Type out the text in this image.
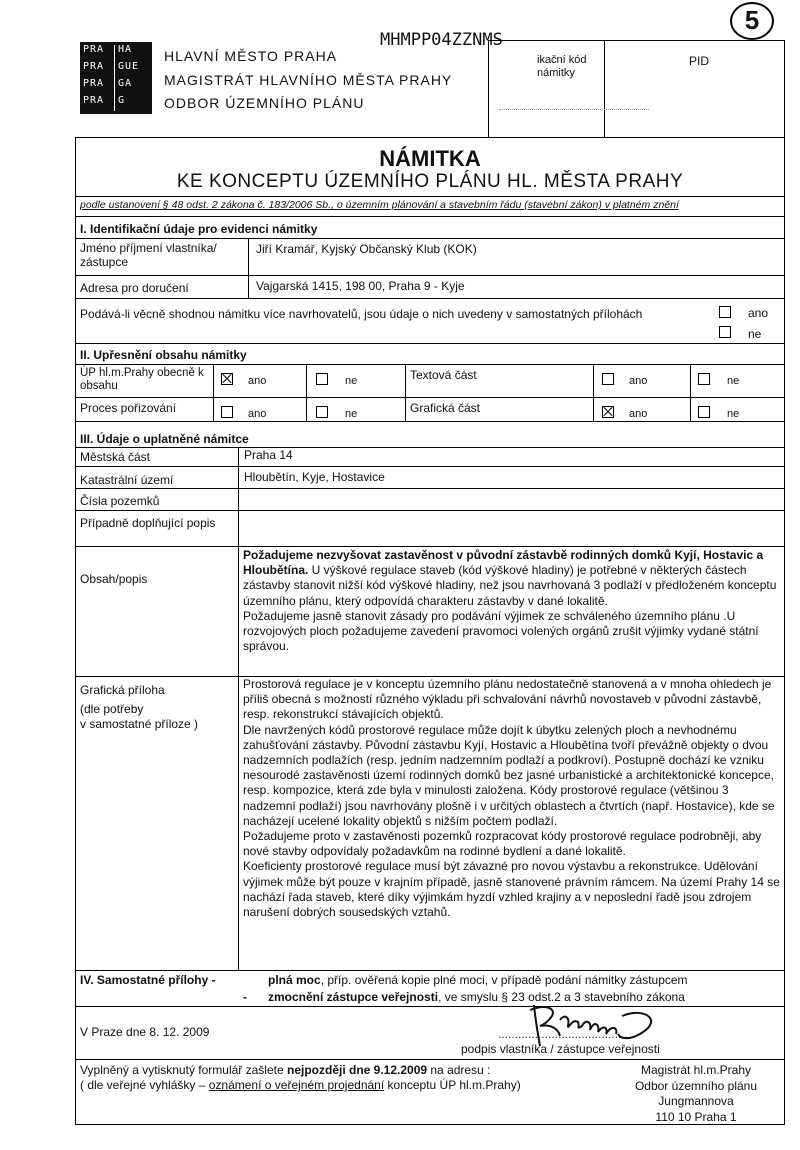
5
MHMPP04ZZNMS
PRA HA
PRA GUE
PRA GA
PRA G
HLAVNÍ MĚSTO PRAHA
MAGISTRÁT HLAVNÍHO MĚSTA PRAHY
ODBOR ÚZEMNÍHO PLÁNU
ikační kód
námitky
PID
NÁMITKA
KE KONCEPTU ÚZEMNÍHO PLÁNU HL. MĚSTA PRAHY
podle ustanovení § 48 odst. 2 zákona č. 183/2006 Sb., o územním plánování a stavebním řádu (stavební zákon) v platném znění
I. Identifikační údaje pro evidenci námitky
Jméno příjmení vlastníka/ zástupce
Jiří Kramář, Kyjský Občanský Klub (KOK)
Adresa pro doručení	Vajgarská 1415, 198 00, Praha 9 - Kyje
Podává-li věcně shodnou námitku více navrhovatelů, jsou údaje o nich uvedeny v samostatných přílohách	ano
ne
II. Upřesnění obsahu námitky
ÚP hl.m.Prahy obecně k obsahu	ano	ne	Textová část	ano	ne
Proces pořizování	ano	ne	Grafická část	ano	ne
III. Údaje o uplatněné námitce
Městská část	Praha 14
Katastrální území	Hloubětín, Kyje, Hostavice
Čísla pozemků
Případně doplňující popis
Obsah/popis

Požadujeme nezvyšovat zastavěnost v původní zástavbě rodinných domků Kyjí, Hostavic a Hloubětína. U výškové regulace staveb (kód výškové hladiny) je potřebné v některých částech zástavby stanovit nižší kód výškové hladiny, než jsou navrhovaná 3 podlaží v předloženém konceptu územního plánu, který odpovídá charakteru zástavby v dané lokalitě.

Požadujeme jasně stanovit zásady pro podávání výjimek ze schváleného územního plánu .U rozvojových ploch požadujeme zavedení pravomoci volených orgánů zrušit výjimky vydané státní správou.

Grafická příloha
(dle potřeby
v samostatné příloze )

Prostorová regulace je v konceptu územního plánu nedostatečně stanovená a v mnoha ohledech je příliš obecná s možností různého výkladu při schvalování návrhů novostaveb v původní zástavbě, resp. rekonstrukcí stávajících objektů.

Dle navržených kódů prostorové regulace může dojít k úbytku zelených ploch a nevhodnému zahušťování zástavby. Původní zástavbu Kyjí, Hostavic a Hloubětína tvoří převážně objekty o dvou nadzemních podlažích (resp. jedním nadzemním podlaží a podkroví). Postupně dochází ke vzniku nesourodé zastavěnosti území rodinných domků bez jasné urbanistické a architektonické koncepce, resp. kompozice, která zde byla v minulosti založena. Kódy prostorové regulace (většinou 3 nadzemní podlaží) jsou navrhovány plošně i v určitých oblastech a čtvrtích (např. Hostavice), kde se nacházejí ucelené lokality objektů s nižším počtem podlaží.

Požadujeme proto v zastavěnosti pozemků rozpracovat kódy prostorové regulace podrobněji, aby nové stavby odpovídaly požadavkům na rodinné bydlení a dané lokalitě.

Koeficienty prostorové regulace musí být závazné pro novou výstavbu a rekonstrukce. Udělování výjimek může být pouze v krajním případě, jasně stanovené právním rámcem. Na území Prahy 14 se nachází řada staveb, které díky výjimkám hyzdí vzhled krajiny a v neposlední řadě jsou zdrojem narušení dobrých sousedských vztahů.

IV. Samostatné přílohy -	plná moc, příp. ověřená kopie plné moci, v případě podání námitky zástupcem
- zmocnění zástupce veřejnosti, ve smyslu § 23 odst.2 a 3 stavebního zákona
V Praze dne 8. 12. 2009	........................................
podpis vlastníka / zástupce veřejnosti
Vyplněný a vytisknutý formulář zašlete nejpozději dne 9.12.2009 na adresu :
( dle veřejné vyhlášky – oznámení o veřejném projednání konceptu ÚP hl.m.Prahy)
Magistrát hl.m.Prahy
Odbor územního plánu
Jungmannova
110 10 Praha 1
